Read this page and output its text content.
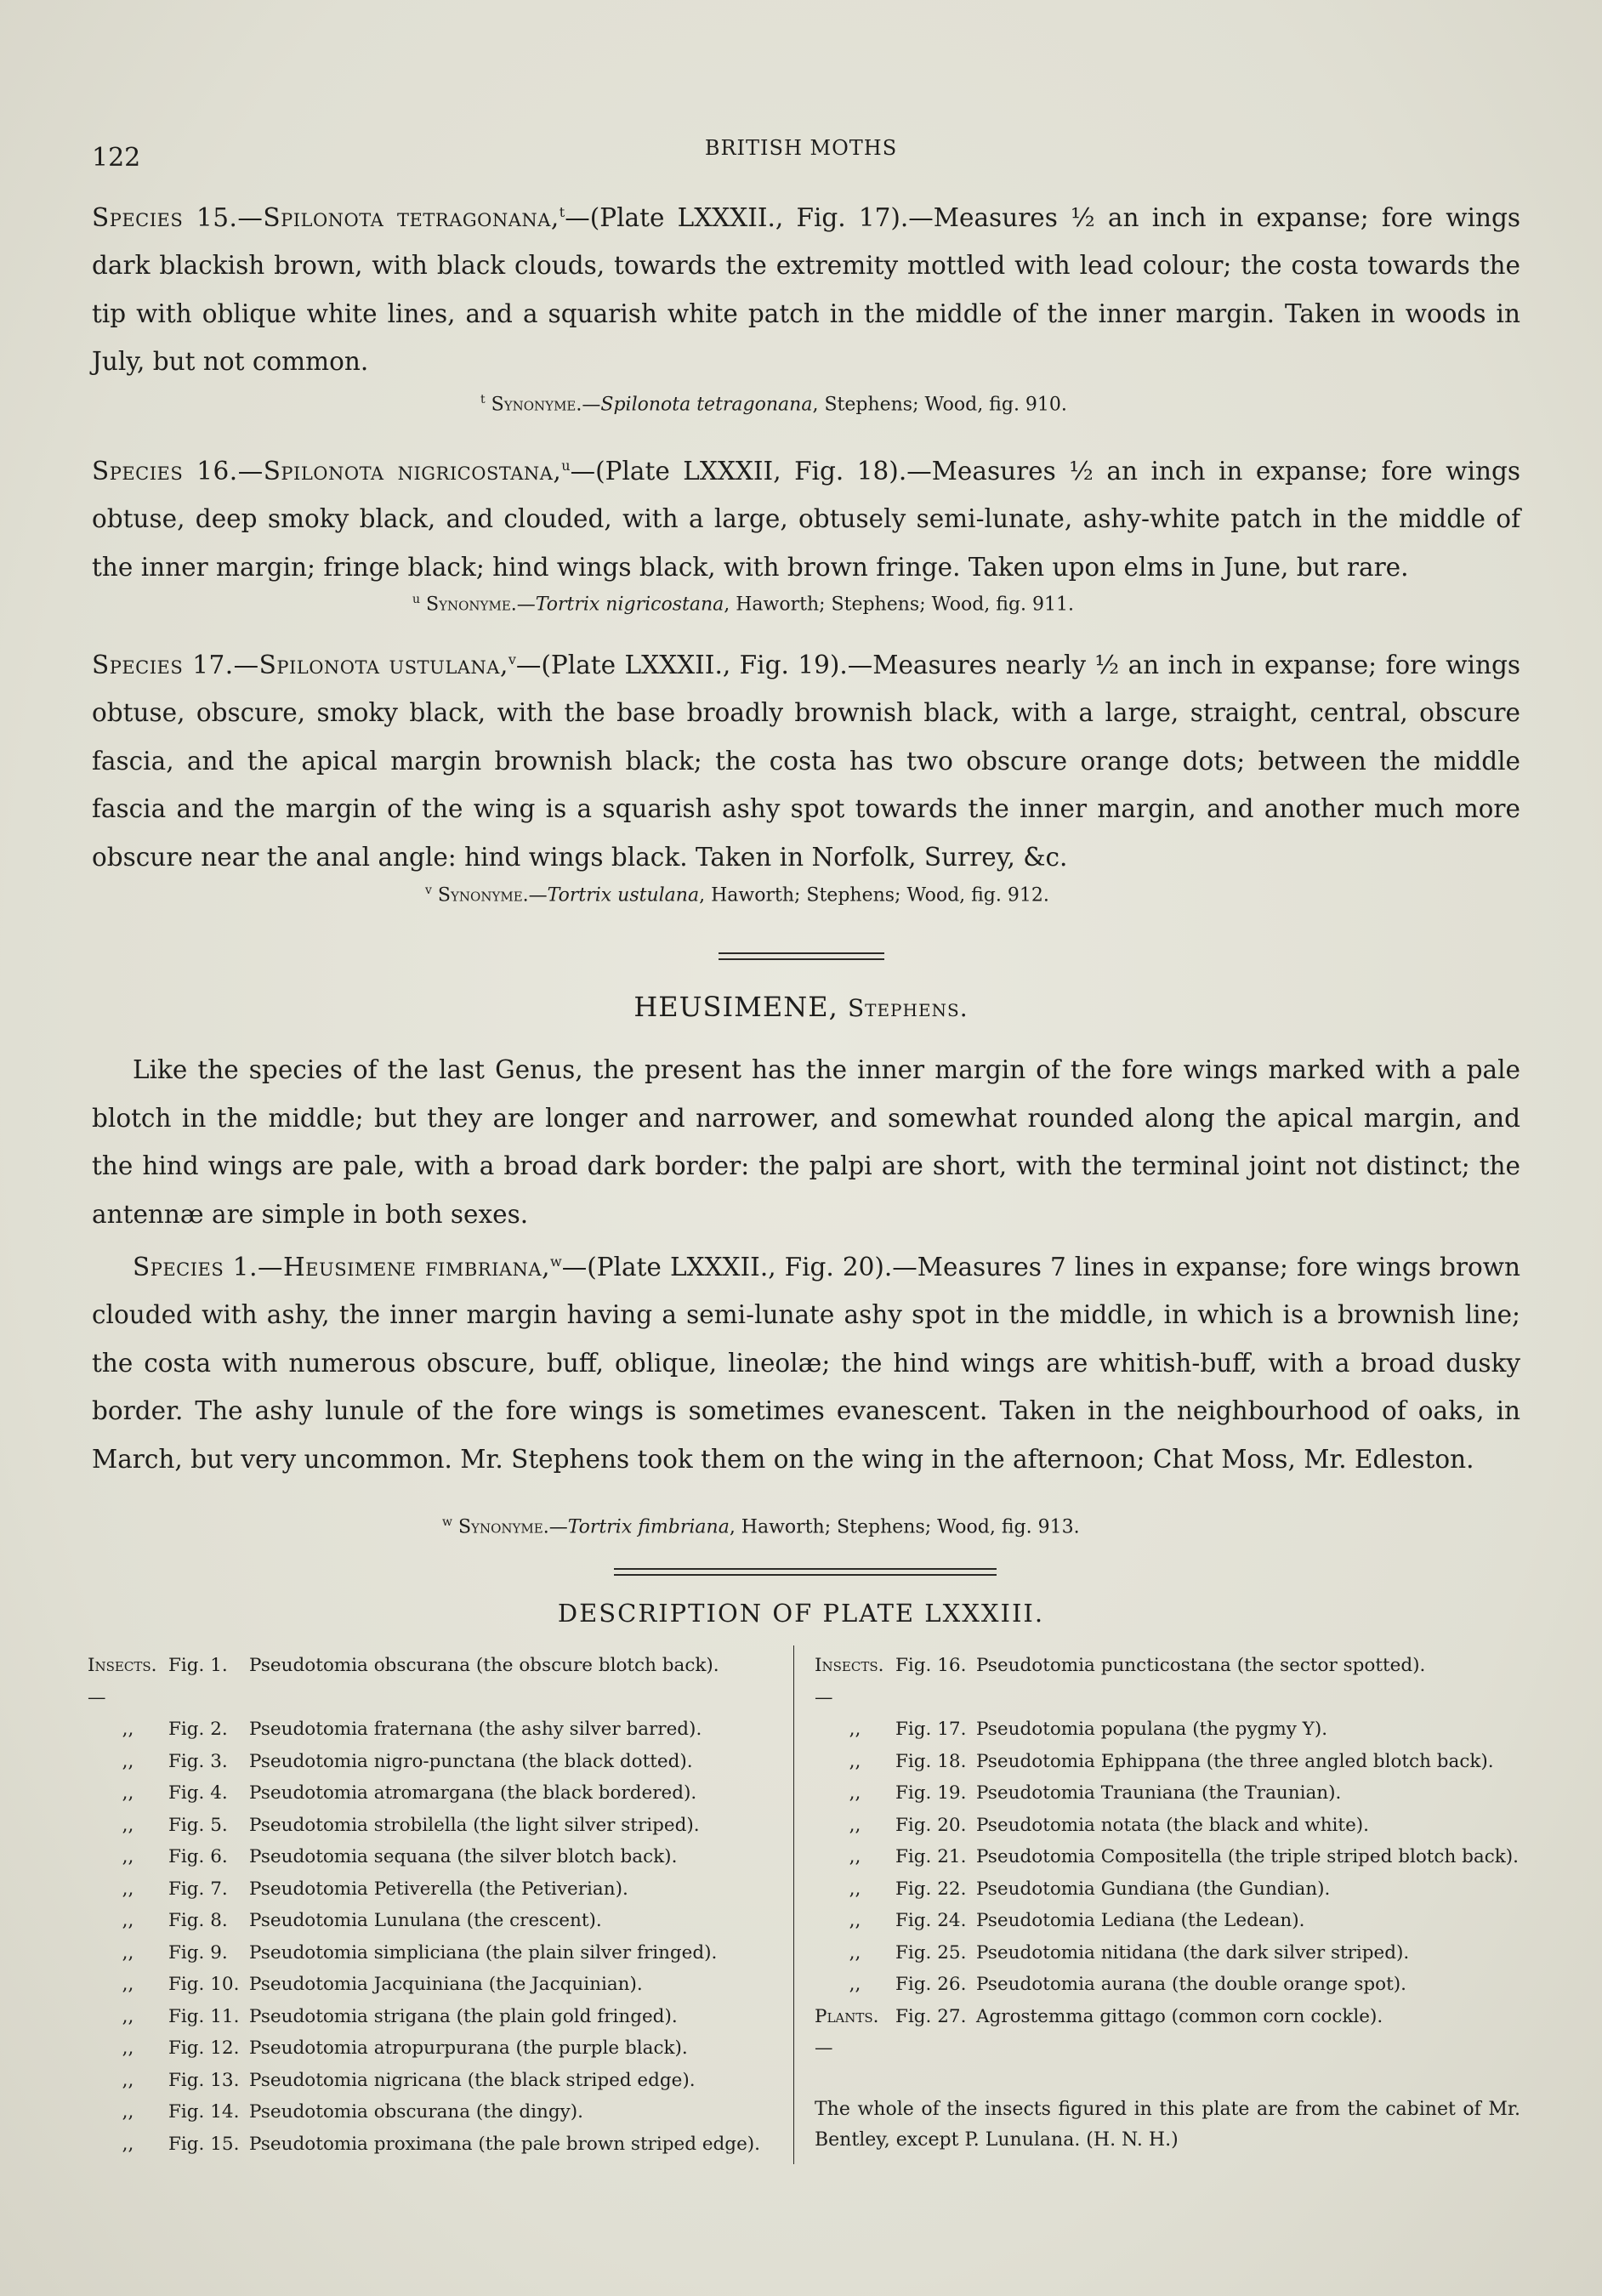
122	BRITISH MOTHS
Species 15.—Spilonota tetragonana,$^t$—(Plate LXXXII., Fig. 17).—Measures ½ an inch in expanse; fore wings dark blackish brown, with black clouds, towards the extremity mottled with lead colour; the costa towards the tip with oblique white lines, and a squarish white patch in the middle of the inner margin. Taken in woods in July, but not common.
$^t$ Synonyme.—Spilonota tetragonana, Stephens; Wood, fig. 910.
Species 16.—Spilonota nigricostana,$^u$—(Plate LXXXII, Fig. 18).—Measures ½ an inch in expanse; fore wings obtuse, deep smoky black, and clouded, with a large, obtusely semi-lunate, ashy-white patch in the middle of the inner margin; fringe black; hind wings black, with brown fringe. Taken upon elms in June, but rare.
$^u$ Synonyme.—Tortrix nigricostana, Haworth; Stephens; Wood, fig. 911.
Species 17.—Spilonota ustulana,$^v$—(Plate LXXXII., Fig. 19).—Measures nearly ½ an inch in expanse; fore wings obtuse, obscure, smoky black, with the base broadly brownish black, with a large, straight, central, obscure fascia, and the apical margin brownish black; the costa has two obscure orange dots; between the middle fascia and the margin of the wing is a squarish ashy spot towards the inner margin, and another much more obscure near the anal angle: hind wings black. Taken in Norfolk, Surrey, &c.
$^v$ Synonyme.—Tortrix ustulana, Haworth; Stephens; Wood, fig. 912.
HEUSIMENE, Stephens.
Like the species of the last Genus, the present has the inner margin of the fore wings marked with a pale blotch in the middle; but they are longer and narrower, and somewhat rounded along the apical margin, and the hind wings are pale, with a broad dark border: the palpi are short, with the terminal joint not distinct; the antennæ are simple in both sexes.
Species 1.—Heusimene fimbriana,$^w$—(Plate LXXXII., Fig. 20).—Measures 7 lines in expanse; fore wings brown clouded with ashy, the inner margin having a semi-lunate ashy spot in the middle, in which is a brownish line; the costa with numerous obscure, buff, oblique, lineolæ; the hind wings are whitish-buff, with a broad dusky border. The ashy lunule of the fore wings is sometimes evanescent. Taken in the neighbourhood of oaks, in March, but very uncommon. Mr. Stephens took them on the wing in the afternoon; Chat Moss, Mr. Edleston.
$^w$ Synonyme.—Tortrix fimbriana, Haworth; Stephens; Wood, fig. 913.
DESCRIPTION OF PLATE LXXXIII.
Insects.—
Fig. 1.	Pseudotomia obscurana (the obscure blotch back).
,,	Fig. 2.	Pseudotomia fraternana (the ashy silver barred).
,,	Fig. 3.	Pseudotomia nigro-punctana (the black dotted).
,,	Fig. 4.	Pseudotomia atromargana (the black bordered).
,,	Fig. 5.	Pseudotomia strobilella (the light silver striped).
,,	Fig. 6.	Pseudotomia sequana (the silver blotch back).
,,	Fig. 7.	Pseudotomia Petiverella (the Petiverian).
,,	Fig. 8.	Pseudotomia Lunulana (the crescent).
,,	Fig. 9.	Pseudotomia simpliciana (the plain silver fringed).
,,	Fig. 10. Pseudotomia Jacquiniana (the Jacquinian).
,,	Fig. 11. Pseudotomia strigana (the plain gold fringed).
,,	Fig. 12. Pseudotomia atropurpurana (the purple black).
,,	Fig. 13. Pseudotomia nigricana (the black striped edge).
,,	Fig. 14. Pseudotomia obscurana (the dingy).
,,	Fig. 15. Pseudotomia proximana (the pale brown striped edge).
Insects.—
Fig. 16. Pseudotomia puncticostana (the sector spotted).
,,	Fig. 17. Pseudotomia populana (the pygmy Y).
,,	Fig. 18. Pseudotomia Ephippana (the three angled blotch back).
,,	Fig. 19. Pseudotomia Trauniana (the Traunian).
,,	Fig. 20. Pseudotomia notata (the black and white).
,,	Fig. 21. Pseudotomia Compositella (the triple striped blotch back).
,,	Fig. 22. Pseudotomia Gundiana (the Gundian).
,,	Fig. 24. Pseudotomia Lediana (the Ledean).
,,	Fig. 25. Pseudotomia nitidana (the dark silver striped).
,,	Fig. 26. Pseudotomia aurana (the double orange spot).
Plants.—
Fig. 27. Agrostemma gittago (common corn cockle).
The whole of the insects figured in this plate are from the cabinet of Mr. Bentley, except P. Lunulana. (H. N. H.)
